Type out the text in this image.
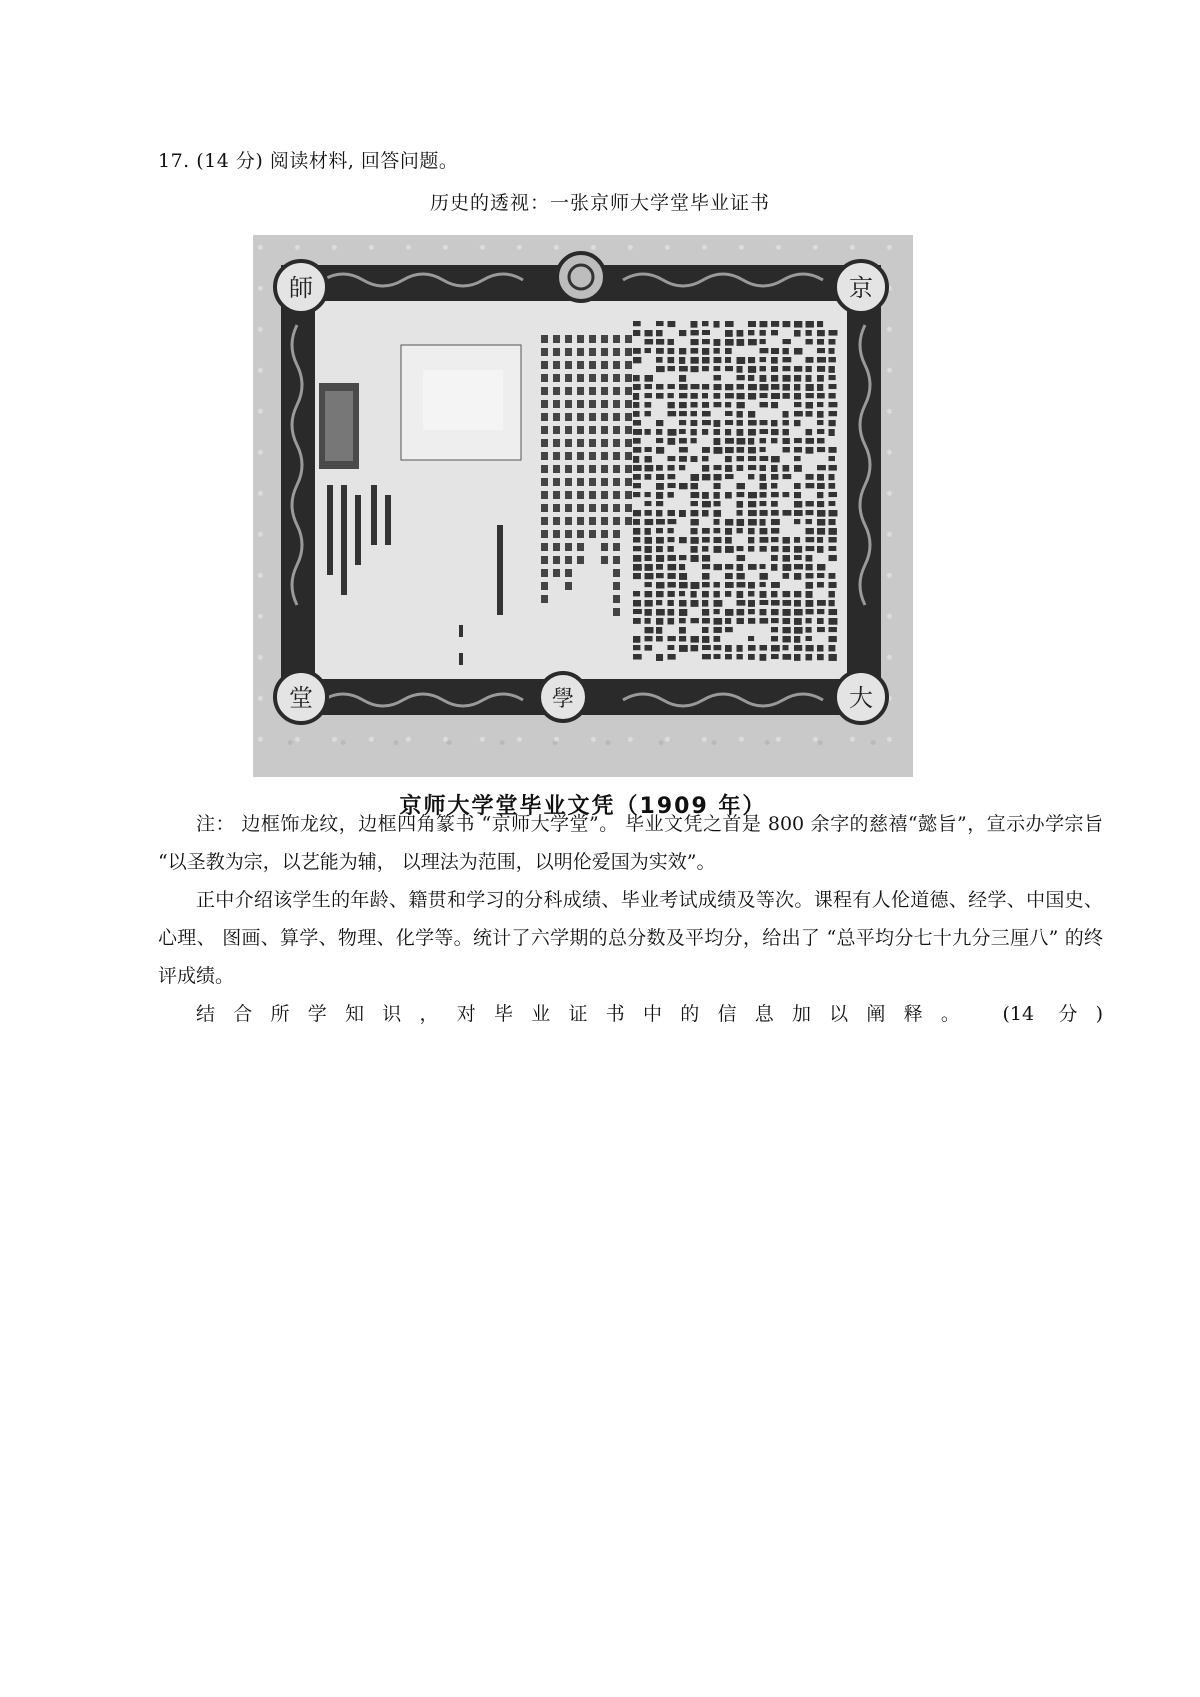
17. (14 分) 阅读材料, 回答问题。
历史的透视：一张京师大学堂毕业证书
師	京
堂	大
學
京师大学堂毕业文凭（1909 年）
注： 边框饰龙纹，边框四角篆书 “京师大学堂”。 毕业文凭之首是 800 余字的慈禧“懿旨”，宣示办学宗旨 “以圣教为宗，以艺能为辅， 以理法为范围，以明伦爱国为实效”。
正中介绍该学生的年龄、籍贯和学习的分科成绩、毕业考试成绩及等次。课程有人伦道德、经学、中国史、心理、 图画、算学、物理、化学等。统计了六学期的总分数及平均分，给出了 “总平均分七十九分三厘八” 的终评成绩。
结合所学知识，对毕业证书中的信息加以阐释。 (14 分)
